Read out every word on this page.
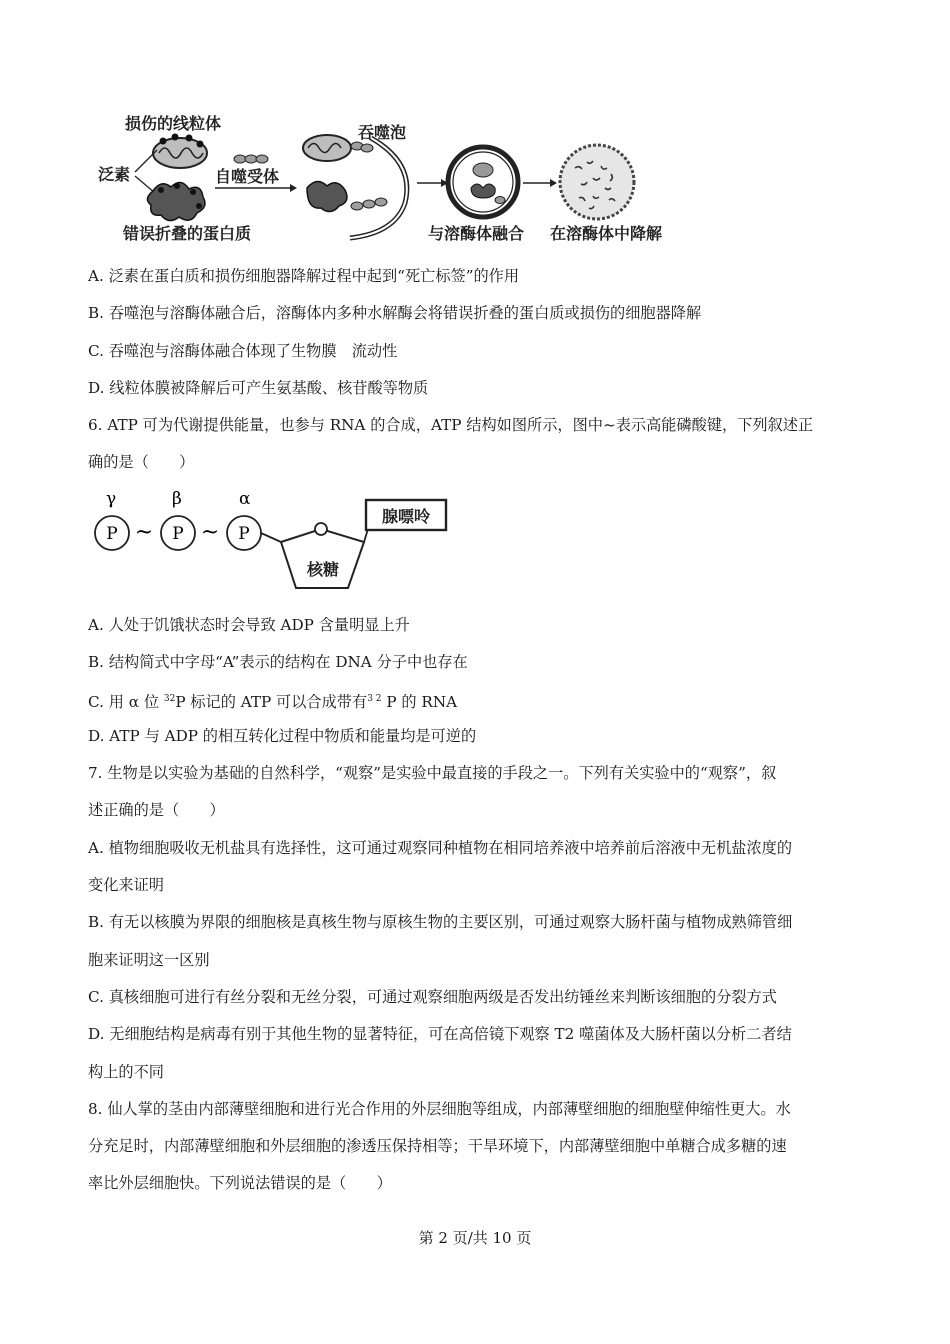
损伤的线粒体
泛素
错误折叠的蛋白质
自噬受体
吞噬泡
与溶酶体融合 在溶酶体中降解
A. 泛素在蛋白质和损伤细胞器降解过程中起到“死亡标签”的作用
B. 吞噬泡与溶酶体融合后，溶酶体内多种水解酶会将错误折叠的蛋白质或损伤的细胞器降解
C. 吞噬泡与溶酶体融合体现了生物膜　流动性
D. 线粒体膜被降解后可产生氨基酸、核苷酸等物质
6. ATP 可为代谢提供能量，也参与 RNA 的合成，ATP 结构如图所示，图中~表示高能磷酸键，下列叙述正
确的是（　　）
γ	β	α
P ~ P ~ P
核糖
腺嘌呤
A. 人处于饥饿状态时会导致 ADP 含量明显上升
B. 结构简式中字母“A”表示的结构在 DNA 分子中也存在
C. 用 α 位 $^{32}$P 标记的 ATP 可以合成带有$^{3 2}$ P 的 RNA
D. ATP 与 ADP 的相互转化过程中物质和能量均是可逆的
7. 生物是以实验为基础的自然科学，“观察”是实验中最直接的手段之一。下列有关实验中的“观察”，叙
述正确的是（　　）
A. 植物细胞吸收无机盐具有选择性，这可通过观察同种植物在相同培养液中培养前后溶液中无机盐浓度的
变化来证明
B. 有无以核膜为界限的细胞核是真核生物与原核生物的主要区别，可通过观察大肠杆菌与植物成熟筛管细
胞来证明这一区别
C. 真核细胞可进行有丝分裂和无丝分裂，可通过观察细胞两级是否发出纺锤丝来判断该细胞的分裂方式
D. 无细胞结构是病毒有别于其他生物的显著特征，可在高倍镜下观察 T2 噬菌体及大肠杆菌以分析二者结
构上的不同
8. 仙人掌的茎由内部薄壁细胞和进行光合作用的外层细胞等组成，内部薄壁细胞的细胞壁伸缩性更大。水
分充足时，内部薄壁细胞和外层细胞的渗透压保持相等；干旱环境下，内部薄壁细胞中单糖合成多糖的速
率比外层细胞快。下列说法错误的是（　　）
第 2 页/共 10 页
